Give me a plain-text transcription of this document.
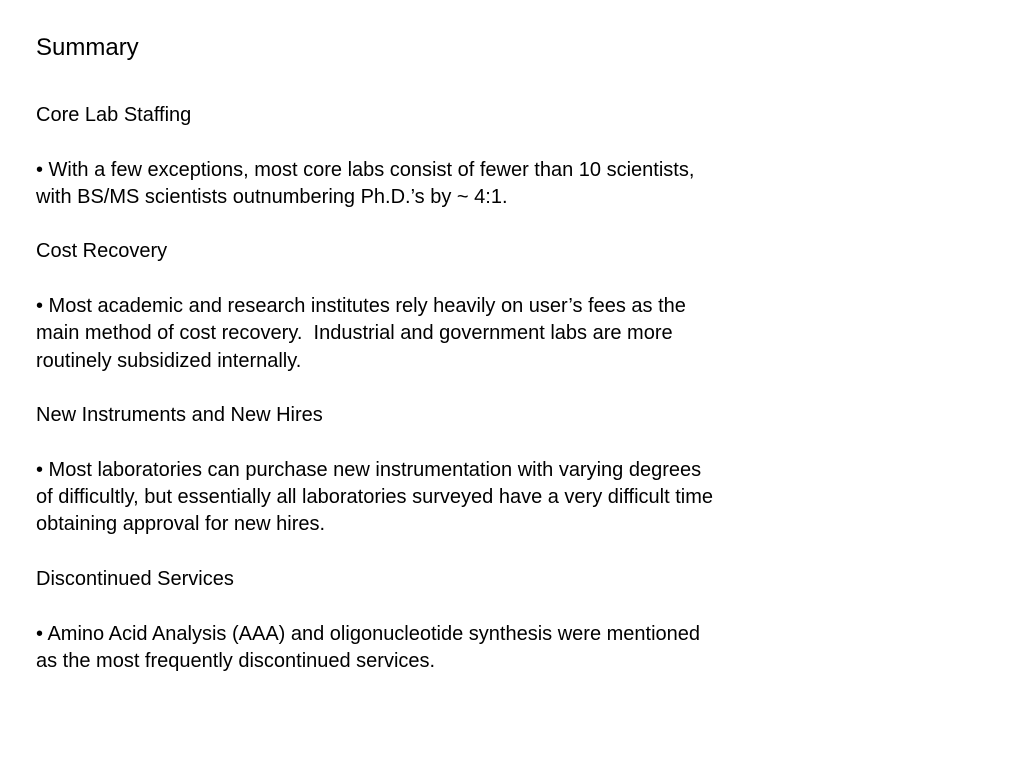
Summary

Core Lab Staffing

• With a few exceptions, most core labs consist of fewer than 10 scientists,
with BS/MS scientists outnumbering Ph.D.’s by ~ 4:1.

Cost Recovery

• Most academic and research institutes rely heavily on user’s fees as the
main method of cost recovery.  Industrial and government labs are more
routinely subsidized internally.

New Instruments and New Hires

• Most laboratories can purchase new instrumentation with varying degrees
of difficultly, but essentially all laboratories surveyed have a very difficult time
obtaining approval for new hires.

Discontinued Services

• Amino Acid Analysis (AAA) and oligonucleotide synthesis were mentioned
as the most frequently discontinued services.
